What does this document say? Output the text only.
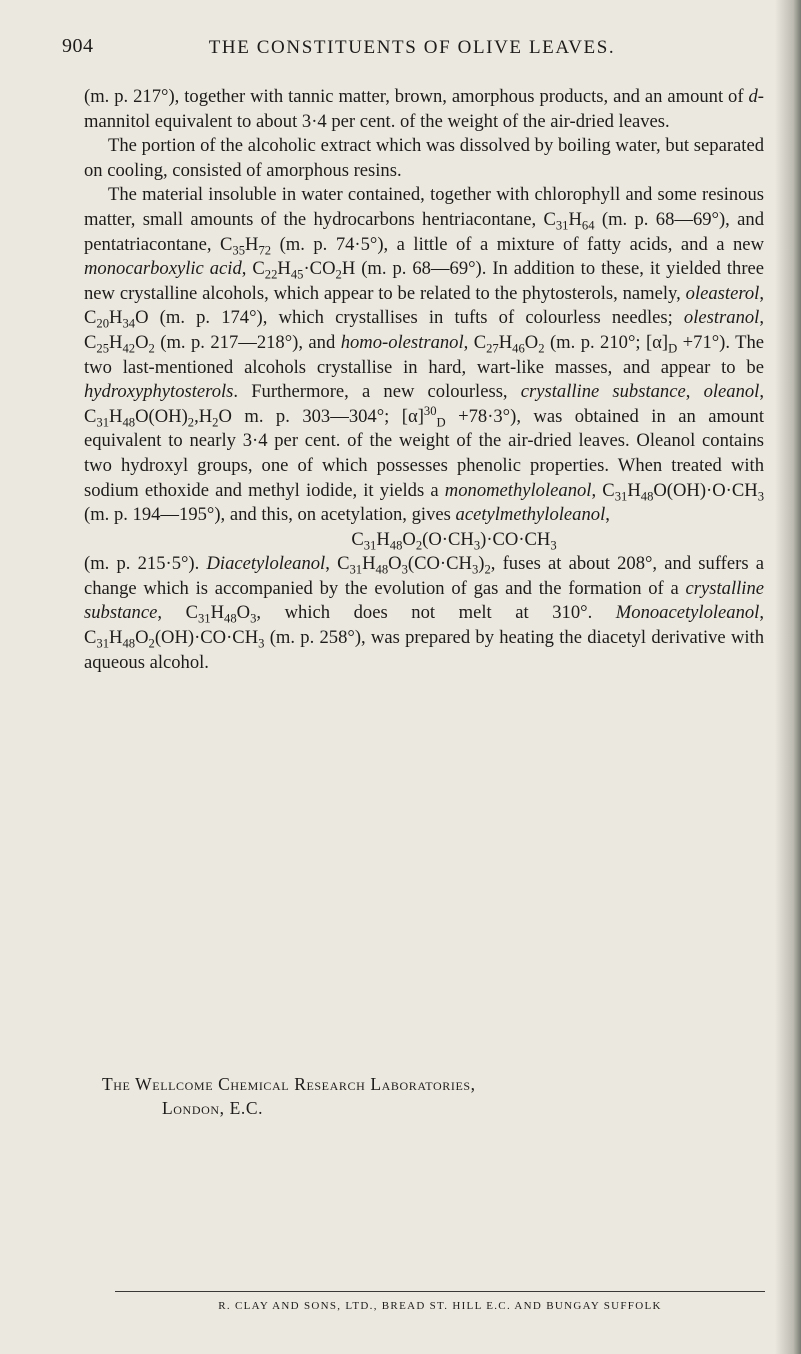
904	THE CONSTITUENTS OF OLIVE LEAVES.

(m. p. 217°), together with tannic matter, brown, amorphous products, and an amount of d-mannitol equivalent to about 3·4 per cent. of the weight of the air-dried leaves.

The portion of the alcoholic extract which was dissolved by boiling water, but separated on cooling, consisted of amorphous resins.

The material insoluble in water contained, together with chlorophyll and some resinous matter, small amounts of the hydrocarbons hentriacontane, $C_{31}H_{64}$ (m. p. 68—69°), and pentatriacontane, $C_{35}H_{72}$ (m. p. 74·5°), a little of a mixture of fatty acids, and a new monocarboxylic acid, $C_{22}H_{45}\cdot CO_2H$ (m. p. 68—69°). In addition to these, it yielded three new crystalline alcohols, which appear to be related to the phytosterols, namely, oleasterol, $C_{20}H_{34}O$ (m. p. 174°), which crystallises in tufts of colourless needles; olestranol, $C_{25}H_{42}O_2$ (m. p. 217—218°), and homo-olestranol, $C_{27}H_{46}O_2$ (m. p. 210°; $[\alpha]_D +71^\circ$). The two last-mentioned alcohols crystallise in hard, wart-like masses, and appear to be hydroxyphytosterols. Furthermore, a new colourless, crystalline substance, oleanol, $C_{31}H_{48}O(OH)_2,H_2O$ m. p. 303—304°; $[\alpha]^{30}_D +78\cdot 3^\circ$), was obtained in an amount equivalent to nearly 3·4 per cent. of the weight of the air-dried leaves. Oleanol contains two hydroxyl groups, one of which possesses phenolic properties. When treated with sodium ethoxide and methyl iodide, it yields a monomethyloleanol, $C_{31}H_{48}O(OH)\cdot O\cdot CH_3$ (m. p. 194—195°), and this, on acetylation, gives acetylmethyloleanol,

$C_{31}H_{48}O_2(O\cdot CH_3)\cdot CO\cdot CH_3$

(m. p. 215·5°). Diacetyloleanol, $C_{31}H_{48}O_3(CO\cdot CH_3)_2$, fuses at about 208°, and suffers a change which is accompanied by the evolution of gas and the formation of a crystalline substance, $C_{31}H_{48}O_3$, which does not melt at 310°. Monoacetyloleanol, $C_{31}H_{48}O_2(OH)\cdot CO\cdot CH_3$ (m. p. 258°), was prepared by heating the diacetyl derivative with aqueous alcohol.

The Wellcome Chemical Research Laboratories,
London, E.C.
R. CLAY AND SONS, LTD., BREAD ST. HILL E.C. AND BUNGAY SUFFOLK
